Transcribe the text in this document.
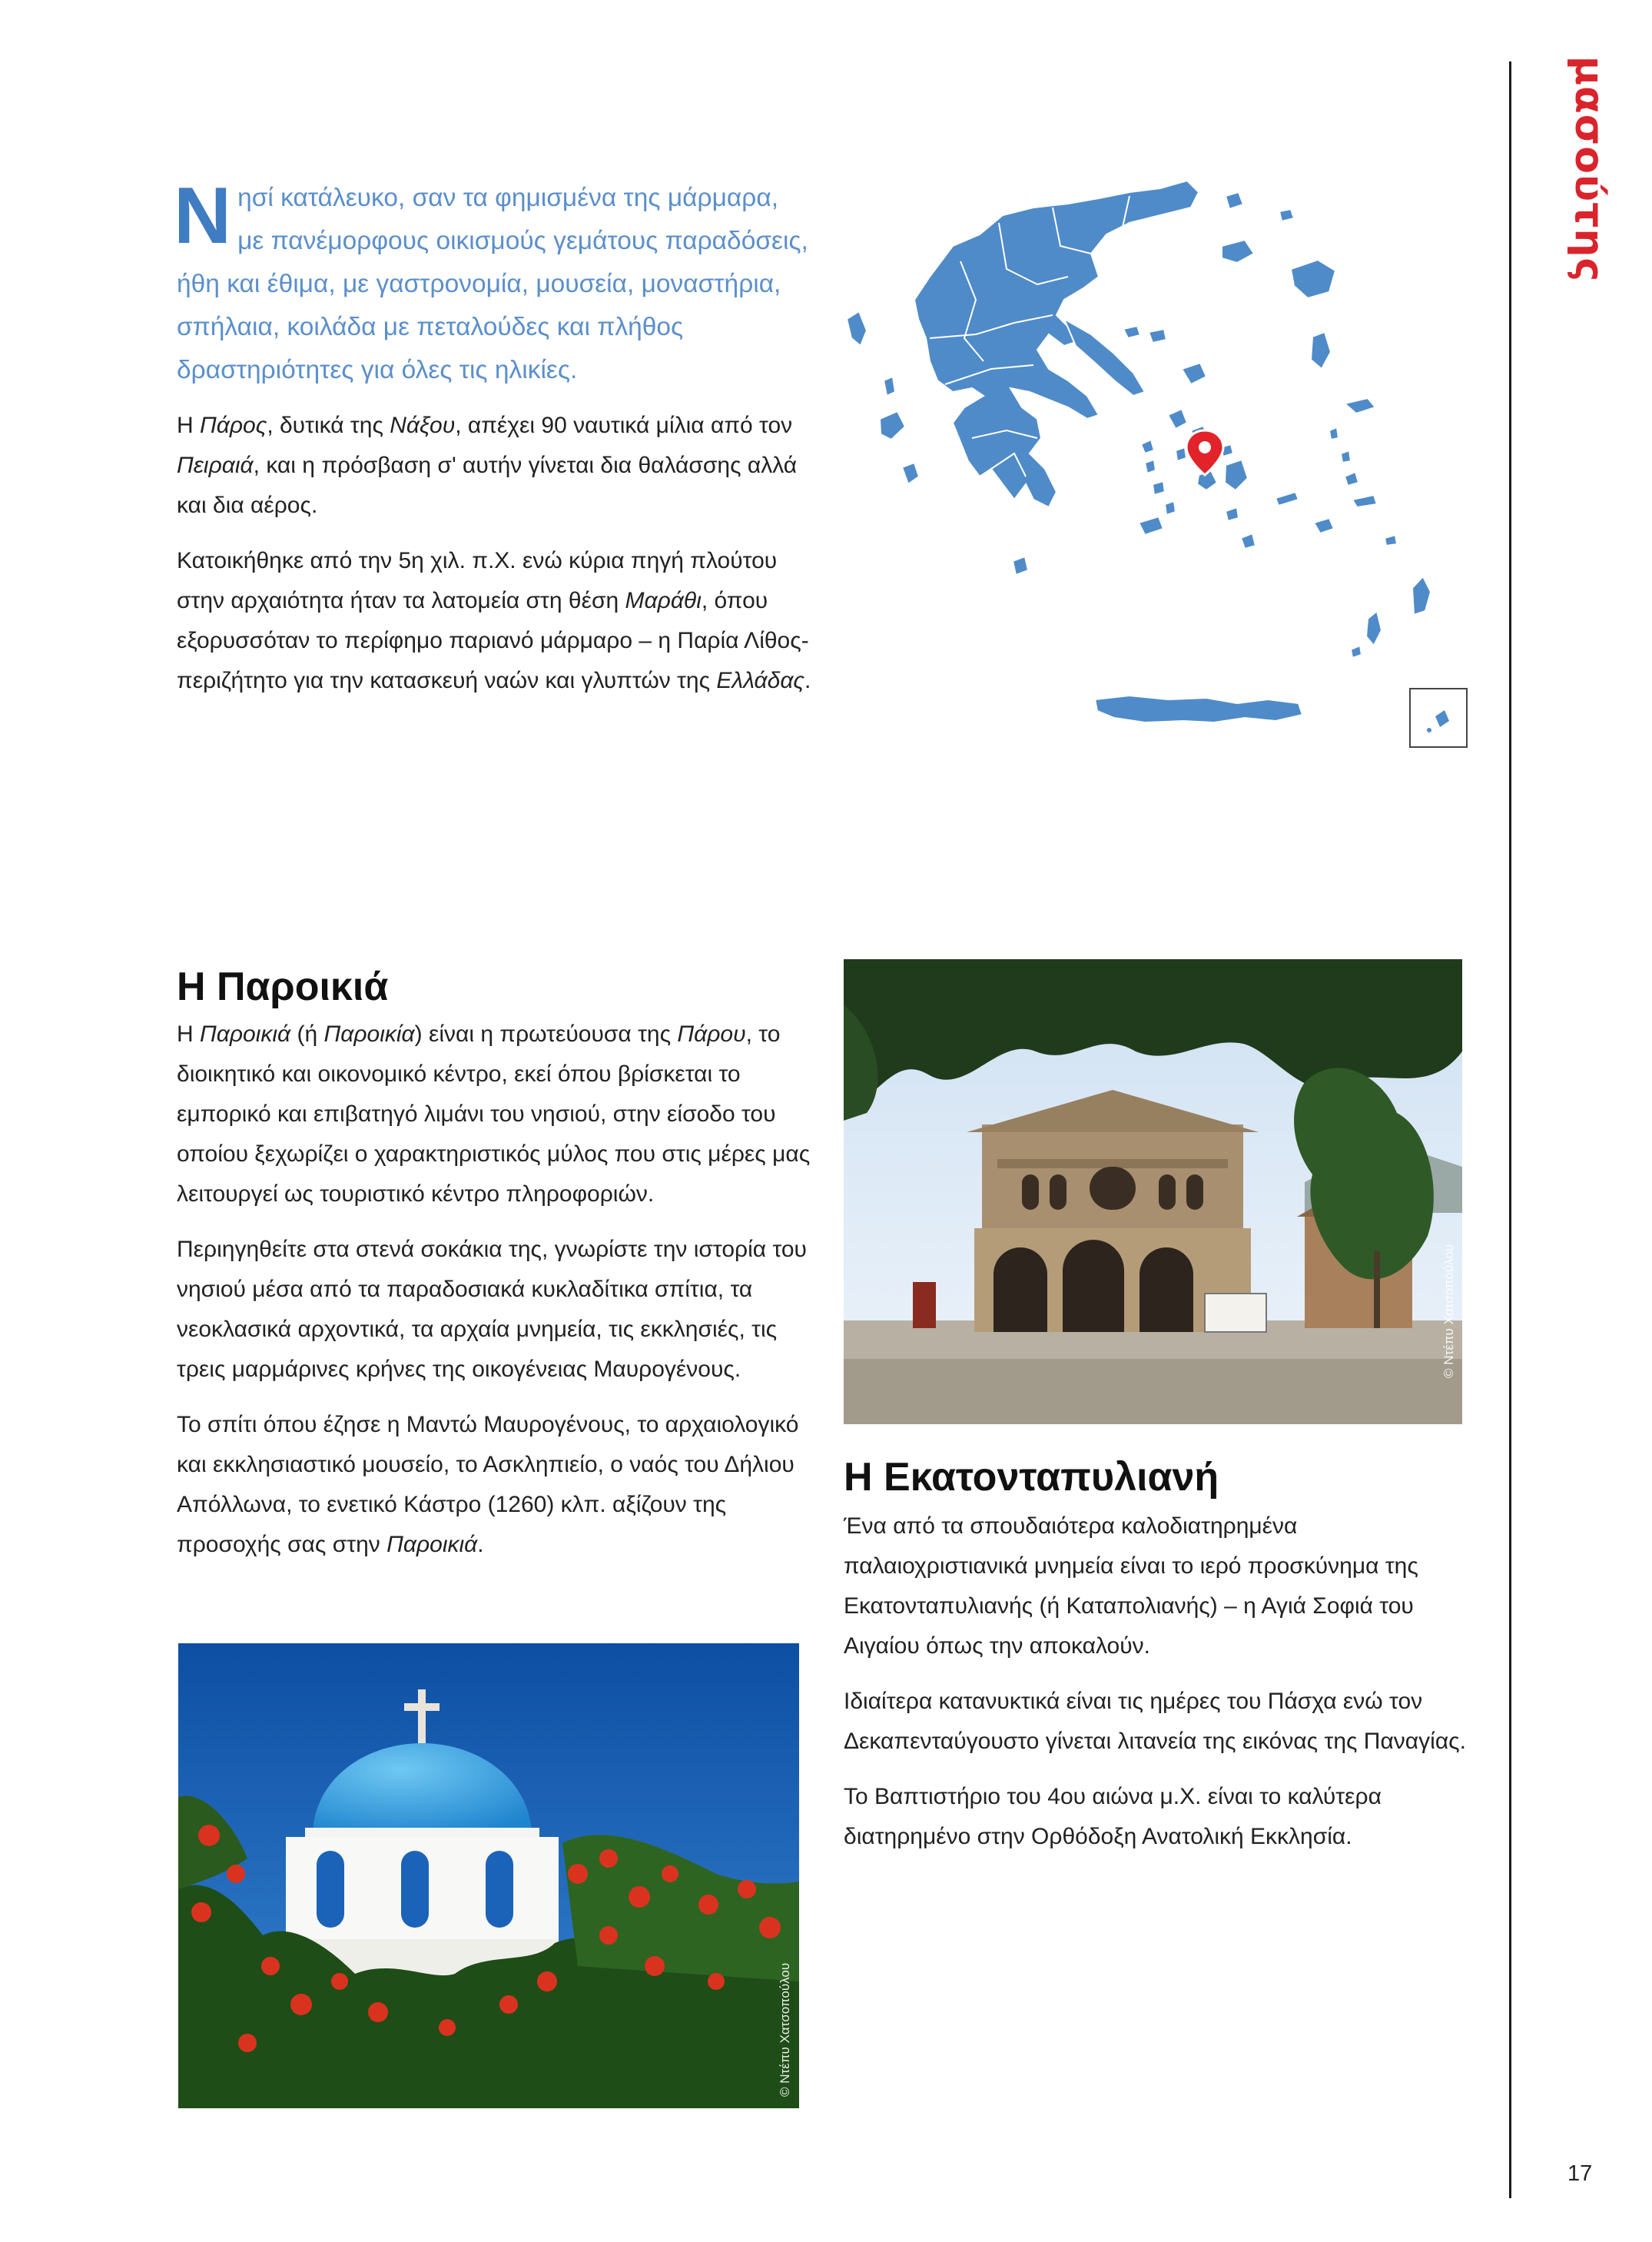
μασούτης

Νησί κατάλευκο, σαν τα φημισμένα της μάρμαρα, με πανέμορφους οικισμούς γεμάτους παραδόσεις, ήθη και έθιμα, με γαστρονομία, μουσεία, μοναστήρια, σπήλαια, κοιλάδα με πεταλούδες και πλήθος δραστηριότητες για όλες τις ηλικίες.

Η Πάρος, δυτικά της Νάξου, απέχει 90 ναυτικά μίλια από τον Πειραιά, και η πρόσβαση σ' αυτήν γίνεται δια θαλάσσης αλλά και δια αέρος.

Κατοικήθηκε από την 5η χιλ. π.Χ. ενώ κύρια πηγή πλούτου στην αρχαιότητα ήταν τα λατομεία στη θέση Μαράθι, όπου εξορυσσόταν το περίφημο παριανό μάρμαρο – η Παρία Λίθος- περιζήτητο για την κατασκευή ναών και γλυπτών της Ελλάδας.

Η Παροικιά

Η Παροικιά (ή Παροικία) είναι η πρωτεύουσα της Πάρου, το διοικητικό και οικονομικό κέντρο, εκεί όπου βρίσκεται το εμπορικό και επιβατηγό λιμάνι του νησιού, στην είσοδο του οποίου ξεχωρίζει ο χαρακτηριστικός μύλος που στις μέρες μας λειτουργεί ως τουριστικό κέντρο πληροφοριών.

Περιηγηθείτε στα στενά σοκάκια της, γνωρίστε την ιστορία του νησιού μέσα από τα παραδοσιακά κυκλαδίτικα σπίτια, τα νεοκλασικά αρχοντικά, τα αρχαία μνημεία, τις εκκλησιές, τις τρεις μαρμάρινες κρήνες της οικογένειας Μαυρογένους.

Το σπίτι όπου έζησε η Μαντώ Μαυρογένους, το αρχαιολογικό και εκκλησιαστικό μουσείο, το Ασκληπιείο, ο ναός του Δήλιου Απόλλωνα, το ενετικό Κάστρο (1260) κλπ. αξίζουν της προσοχής σας στην Παροικιά.

© Ντέπυ Χατσοπούλου
Η Εκατονταπυλιανή

Ένα από τα σπουδαιότερα καλοδιατηρημένα παλαιοχριστιανικά μνημεία είναι το ιερό προσκύνημα της Εκατονταπυλιανής (ή Καταπολιανής) – η Αγιά Σοφιά του Αιγαίου όπως την αποκαλούν.

Ιδιαίτερα κατανυκτικά είναι τις ημέρες του Πάσχα ενώ τον Δεκαπενταύγουστο γίνεται λιτανεία της εικόνας της Παναγίας.

Το Βαπτιστήριο του 4ου αιώνα μ.Χ. είναι το καλύτερα διατηρημένο στην Ορθόδοξη Ανατολική Εκκλησία.

© Ντέπυ Χατσοπούλου
17
